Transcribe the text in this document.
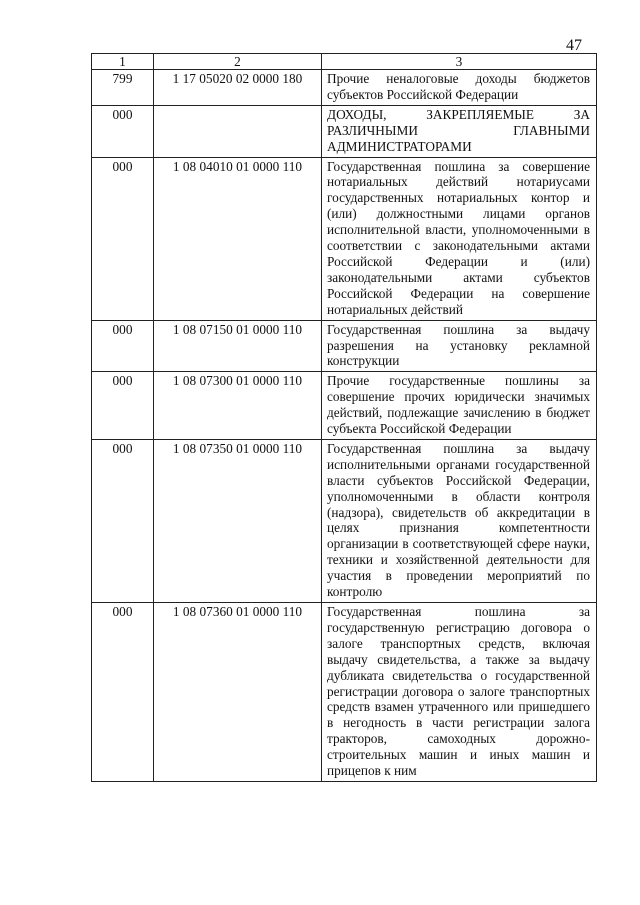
47
1	2	3
799	1 17 05020 02 0000 180	Прочие неналоговые доходы бюджетов субъектов Российской Федерации
000		ДОХОДЫ, ЗАКРЕПЛЯЕМЫЕ ЗА РАЗЛИЧНЫМИ ГЛАВНЫМИ АДМИНИСТРАТОРАМИ
000	1 08 04010 01 0000 110	Государственная пошлина за совершение нотариальных действий нотариусами государственных нотариальных контор и (или) должностными лицами органов исполнительной власти, уполномоченными в соответствии с законодательными актами Российской Федерации и (или) законодательными актами субъектов Российской Федерации на совершение нотариальных действий
000	1 08 07150 01 0000 110	Государственная пошлина за выдачу разрешения на установку рекламной конструкции
000	1 08 07300 01 0000 110	Прочие государственные пошлины за совершение прочих юридически значимых действий, подлежащие зачислению в бюджет субъекта Российской Федерации
000	1 08 07350 01 0000 110	Государственная пошлина за выдачу исполнительными органами государственной власти субъектов Российской Федерации, уполномоченными в области контроля (надзора), свидетельств об аккредитации в целях признания компетентности организации в соответствующей сфере науки, техники и хозяйственной деятельности для участия в проведении мероприятий по контролю
000	1 08 07360 01 0000 110	Государственная пошлина за государственную регистрацию договора о залоге транспортных средств, включая выдачу свидетельства, а также за выдачу дубликата свидетельства о государственной регистрации договора о залоге транспортных средств взамен утраченного или пришедшего в негодность в части регистрации залога тракторов, самоходных дорожно-строительных машин и иных машин и прицепов к ним
